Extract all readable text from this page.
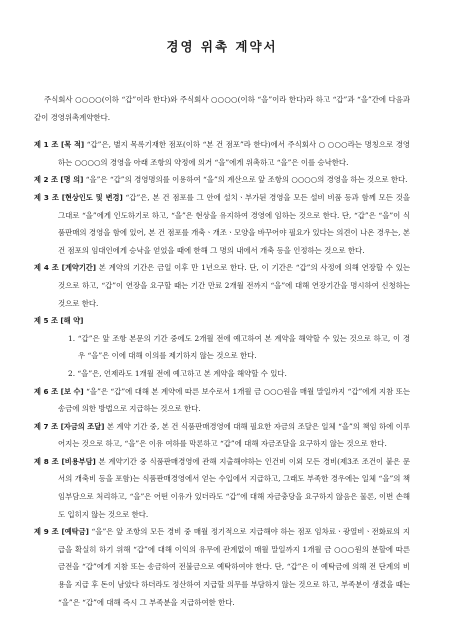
경영 위촉 계약서

주식회사 ○○○○(이하 “갑”이라 한다)와 주식회사 ○○○○(이하 “을”이라 한다)라 하고 “갑”과 “을”간에 다음과 같이 경영위촉계약한다.

제 1 조 [목 적] “갑”은, 별지 목록기재한 점포(이하 “본 건 점포”라 한다)에서 주식회사 ○ ○○○라는 명칭으로 경영하는 ○○○○의 경영을 아래 조항의 약정에 의거 “을”에게 위촉하고 “을”은 이를 승낙한다.

제 2 조 [명 의] “을”은 “갑”의 경영명의를 이용하여 “을”의 계산으로 앞 조항의 ○○○○의 경영을 하는 것으로 한다.

제 3 조 [현상인도 및 변경] “갑”은, 본 건 점포를 그 안에 설치ㆍ부가된 경영을 모든 설비 비품 등과 함께 모든 것을 그대로 “을”에게 인도하기로 하고, “을”은 현상을 유지하여 경영에 임하는 것으로 한다. 단, “갑”은 “을”이 식품판매의 경영을 함에 있어, 본 건 점포를 개축ㆍ개조ㆍ모양을 바꾸어야 필요가 있다는 의견이 나온 경우는, 본 건 점포의 임대인에게 승낙을 얻었을 때에 한해 그 명의 내에서 개축 등을 인정하는 것으로 한다.

제 4 조 [계약기간] 본 계약의 기간은 금일 이후 만 1년으로 한다. 단, 이 기간은 “갑”의 사정에 의해 연장할 수 있는 것으로 하고, “갑”이 연장을 요구할 때는 기간 만료 2개월 전까지 “을”에 대해 연장기간을 명시하여 신청하는 것으로 한다.

제 5 조 [해 약]

1. “갑”은 앞 조항 본문의 기간 중에도 2개월 전에 예고하여 본 계약을 해약할 수 있는 것으로 하고, 이 경우 “을”은 이에 대해 이의를 제기하지 않는 것으로 한다.

2. “을”은, 언제라도 1개월 전에 예고하고 본 계약을 해약할 수 있다.

제 6 조 [보 수] “을”은 “갑”에 대해 본 계약에 따른 보수로서 1개월 금 ○○○원을 매월 말일까지 “갑”에게 지참 또는 송금에 의한 방법으로 지급하는 것으로 한다.

제 7 조 [자금의 조달] 본 계약 기간 중, 본 건 식품판매경영에 대해 필요한 자금의 조달은 일체 “을”의 책임 하에 이루어지는 것으로 하고, “을”은 이유 여하를 막론하고 “갑”에 대해 자금조달을 요구하지 않는 것으로 한다.

제 8 조 [비용부담] 본 계약기간 중 식품판매경영에 관해 지출해야하는 인건비 이외 모든 경비(제3조 조건이 붙은 문서의 개축비 등을 포함)는 식품판매경영에서 얻는 수입에서 지급하고, 그래도 부족한 경우에는 일체 “을”의 책임부담으로 처리하고, “을”은 어떤 이유가 있더라도 “갑”에 대해 자금충당을 요구하지 않음은 물론, 이번 손해도 입히지 않는 것으로 한다.

제 9 조 [예탁금] “을”은 앞 조항의 모든 경비 중 매월 정기적으로 지급해야 하는 점포 임차료ㆍ광열비ㆍ전화료의 지급을 확실히 하기 위해 “갑”에 대해 이익의 유무에 관계없이 매월 말일까지 1개월 금 ○○○원의 분할에 따른 금전을 “갑”에게 지참 또는 송금하여 전불금으로 예탁하여야 한다. 단, “갑”은 이 예탁금에 의해 전 단계의 비용을 지급 후 돈이 남았다 하더라도 정산하여 지급할 의무를 부담하지 않는 것으로 하고, 부족분이 생겼을 때는 “을”은 “갑”에 대해 즉시 그 부족분을 지급하여한 한다.
